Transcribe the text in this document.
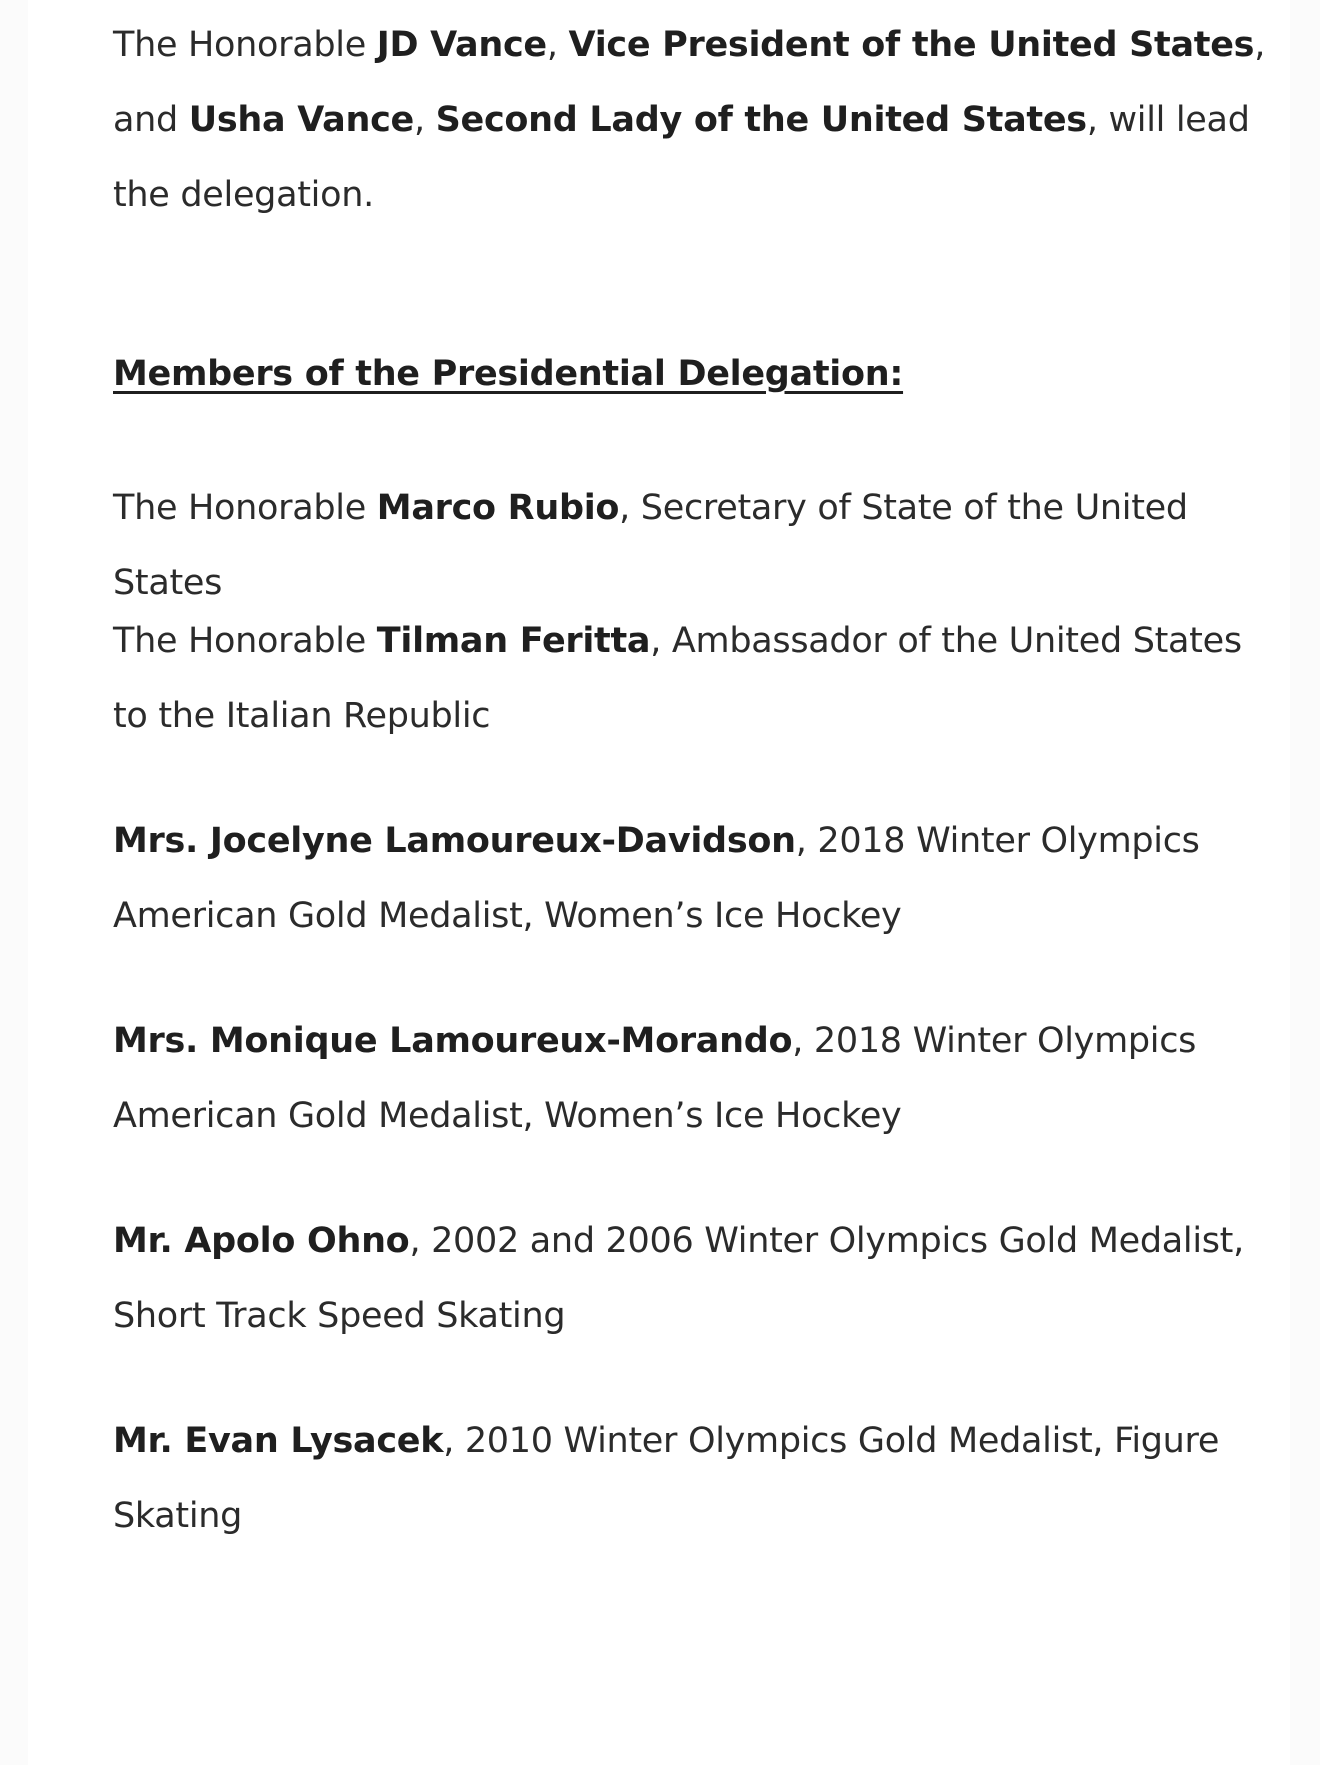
The Honorable JD Vance, Vice President of the United States, and Usha Vance, Second Lady of the United States, will lead the delegation.

Members of the Presidential Delegation:

The Honorable Marco Rubio, Secretary of State of the United States

The Honorable Tilman Feritta, Ambassador of the United States to the Italian Republic

Mrs. Jocelyne Lamoureux-Davidson, 2018 Winter Olympics American Gold Medalist, Women’s Ice Hockey

Mrs. Monique Lamoureux-Morando, 2018 Winter Olympics American Gold Medalist, Women’s Ice Hockey

Mr. Apolo Ohno, 2002 and 2006 Winter Olympics Gold Medalist, Short Track Speed Skating

Mr. Evan Lysacek, 2010 Winter Olympics Gold Medalist, Figure Skating
